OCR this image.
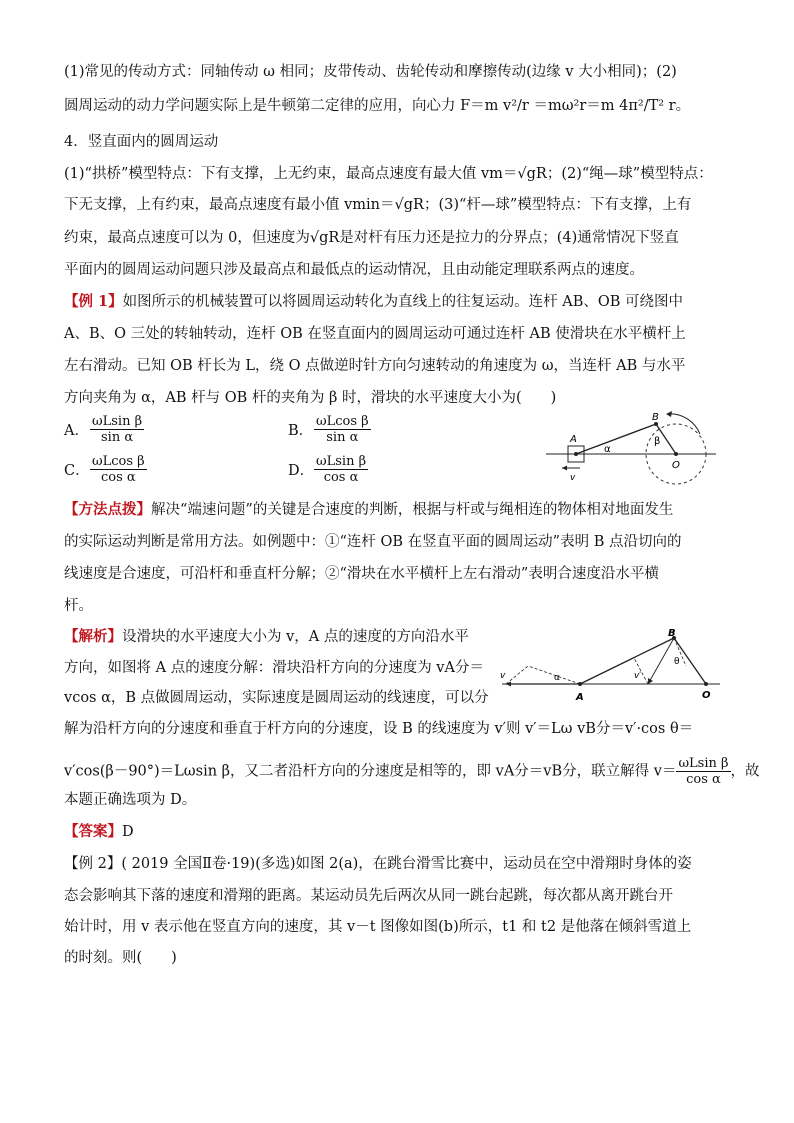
(1)常见的传动方式：同轴传动 ω 相同；皮带传动、齿轮传动和摩擦传动(边缘 v 大小相同)；(2)
圆周运动的动力学问题实际上是牛顿第二定律的应用，向心力 F＝m v²/r ＝mω²r＝m 4π²/T² r。
4．竖直面内的圆周运动
(1)“拱桥”模型特点：下有支撑，上无约束，最高点速度有最大值 vm＝√gR；(2)“绳—球”模型特点：
下无支撑，上有约束，最高点速度有最小值 vmin＝√gR；(3)“杆—球”模型特点：下有支撑，上有
约束，最高点速度可以为 0，但速度为√gR是对杆有压力还是拉力的分界点；(4)通常情况下竖直
平面内的圆周运动问题只涉及最高点和最低点的运动情况，且由动能定理联系两点的速度。
【例 1】如图所示的机械装置可以将圆周运动转化为直线上的往复运动。连杆 AB、OB 可绕图中
A、B、O 三处的转轴转动，连杆 OB 在竖直面内的圆周运动可通过连杆 AB 使滑块在水平横杆上
左右滑动。已知 OB 杆长为 L，绕 O 点做逆时针方向匀速转动的角速度为 ω，当连杆 AB 与水平
方向夹角为 α，AB 杆与 OB 杆的夹角为 β 时，滑块的水平速度大小为(　　)
A． $\frac{\text{ωLsin β}}{\text{sin α}}$	B． $\frac{\text{ωLcos β}}{\text{sin α}}$
C． $\frac{\text{ωLcos β}}{\text{cos α}}$	D． $\frac{\text{ωLsin β}}{\text{cos α}}$
A
B
O
α
β
v
【方法点拨】解决“端速问题”的关键是合速度的判断，根据与杆或与绳相连的物体相对地面发生
的实际运动判断是常用方法。如例题中：①“连杆 OB 在竖直平面的圆周运动”表明 B 点沿切向的
线速度是合速度，可沿杆和垂直杆分解；②“滑块在水平横杆上左右滑动”表明合速度沿水平横
杆。
【解析】设滑块的水平速度大小为 v，A 点的速度的方向沿水平
方向，如图将 A 点的速度分解：滑块沿杆方向的分速度为 vA分＝
vcos α，B 点做圆周运动，实际速度是圆周运动的线速度，可以分
解为沿杆方向的分速度和垂直于杆方向的分速度，设 B 的线速度为 v′则 v′＝Lω vB分＝v′·cos θ＝
v′cos(β－90°)＝Lωsin β，又二者沿杆方向的分速度是相等的，即 vA分＝vB分，联立解得 $v= \frac{\text{ωLsin β}}{\text{cos α}}$ ，故
本题正确选项为 D。
A
B
O
v	α
θ
v′
【答案】D
【例 2】( 2019 全国Ⅱ卷·19)(多选)如图 2(a)，在跳台滑雪比赛中，运动员在空中滑翔时身体的姿
态会影响其下落的速度和滑翔的距离。某运动员先后两次从同一跳台起跳，每次都从离开跳台开
始计时，用 v 表示他在竖直方向的速度，其 v－t 图像如图(b)所示，t1 和 t2 是他落在倾斜雪道上
的时刻。则(　　)
